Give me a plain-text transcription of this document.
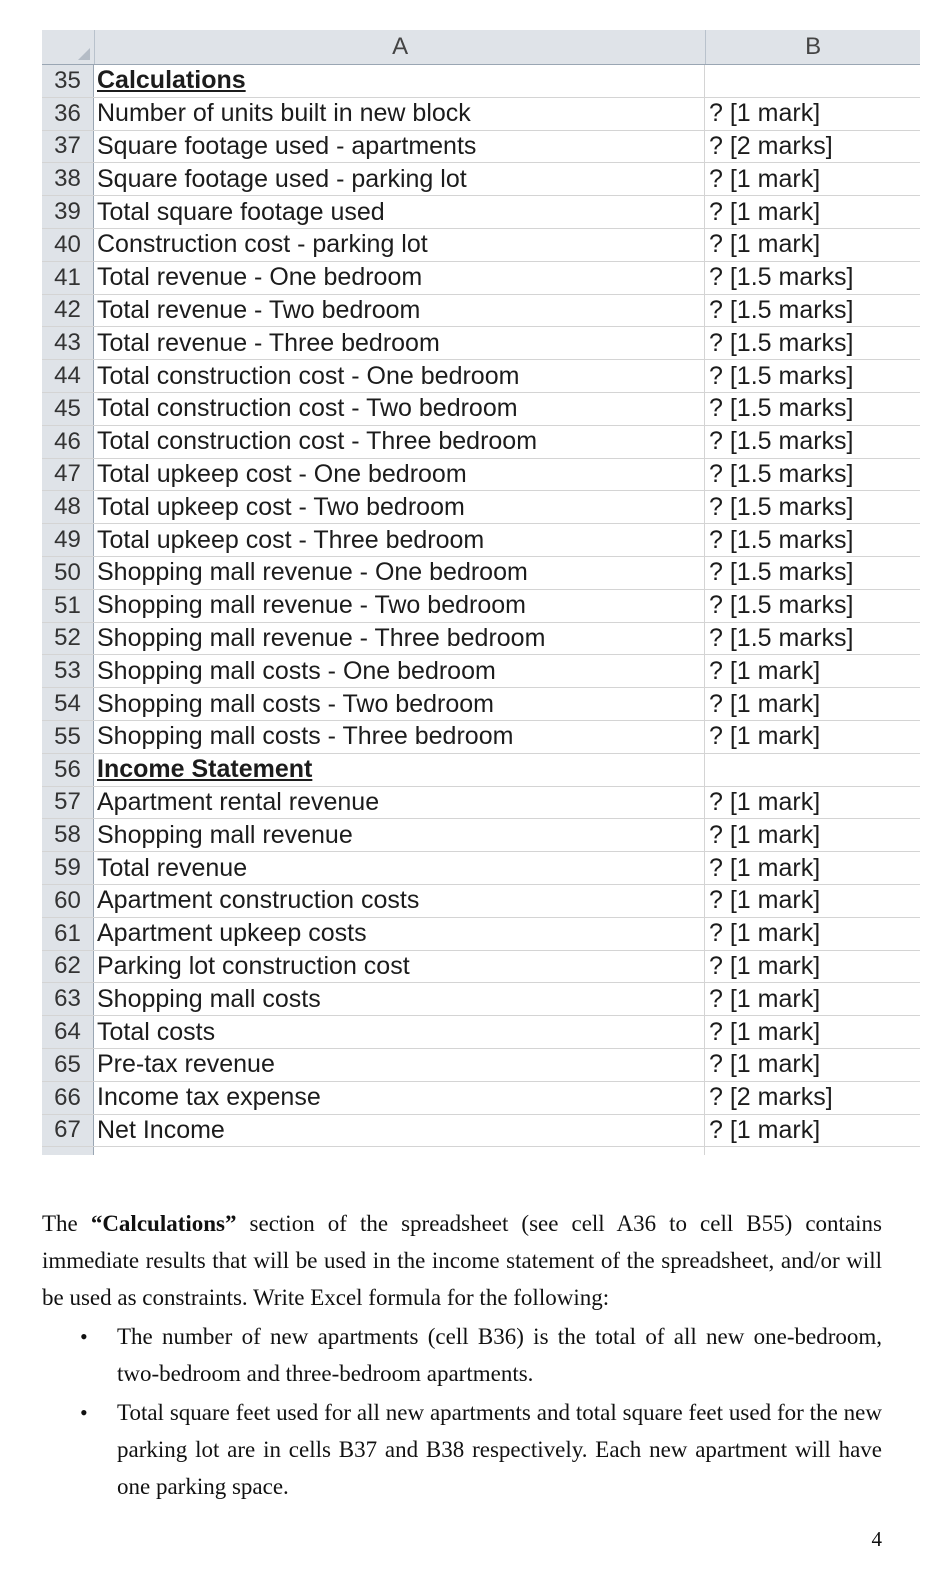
A	B
35 Calculations
36 Number of units built in new block	? [1 mark]
37 Square footage used - apartments	? [2 marks]
38 Square footage used - parking lot	? [1 mark]
39 Total square footage used	? [1 mark]
40 Construction cost - parking lot	? [1 mark]
41 Total revenue - One bedroom	? [1.5 marks]
42 Total revenue - Two bedroom	? [1.5 marks]
43 Total revenue - Three bedroom	? [1.5 marks]
44 Total construction cost - One bedroom	? [1.5 marks]
45 Total construction cost - Two bedroom	? [1.5 marks]
46 Total construction cost - Three bedroom	? [1.5 marks]
47 Total upkeep cost - One bedroom	? [1.5 marks]
48 Total upkeep cost - Two bedroom	? [1.5 marks]
49 Total upkeep cost - Three bedroom	? [1.5 marks]
50 Shopping mall revenue - One bedroom	? [1.5 marks]
51 Shopping mall revenue - Two bedroom	? [1.5 marks]
52 Shopping mall revenue - Three bedroom	? [1.5 marks]
53 Shopping mall costs - One bedroom	? [1 mark]
54 Shopping mall costs - Two bedroom	? [1 mark]
55 Shopping mall costs - Three bedroom	? [1 mark]
56 Income Statement
57 Apartment rental revenue	? [1 mark]
58 Shopping mall revenue	? [1 mark]
59 Total revenue	? [1 mark]
60 Apartment construction costs	? [1 mark]
61 Apartment upkeep costs	? [1 mark]
62 Parking lot construction cost	? [1 mark]
63 Shopping mall costs	? [1 mark]
64 Total costs	? [1 mark]
65 Pre-tax revenue	? [1 mark]
66 Income tax expense	? [2 marks]
67 Net Income	? [1 mark]

The “Calculations” section of the spreadsheet (see cell A36 to cell B55) contains immediate results that will be used in the income statement of the spreadsheet, and/or will be used as constraints. Write Excel formula for the following:

• The number of new apartments (cell B36) is the total of all new one-bedroom, two-bedroom and three-bedroom apartments.
• Total square feet used for all new apartments and total square feet used for the new parking lot are in cells B37 and B38 respectively. Each new apartment will have one parking space.
4
